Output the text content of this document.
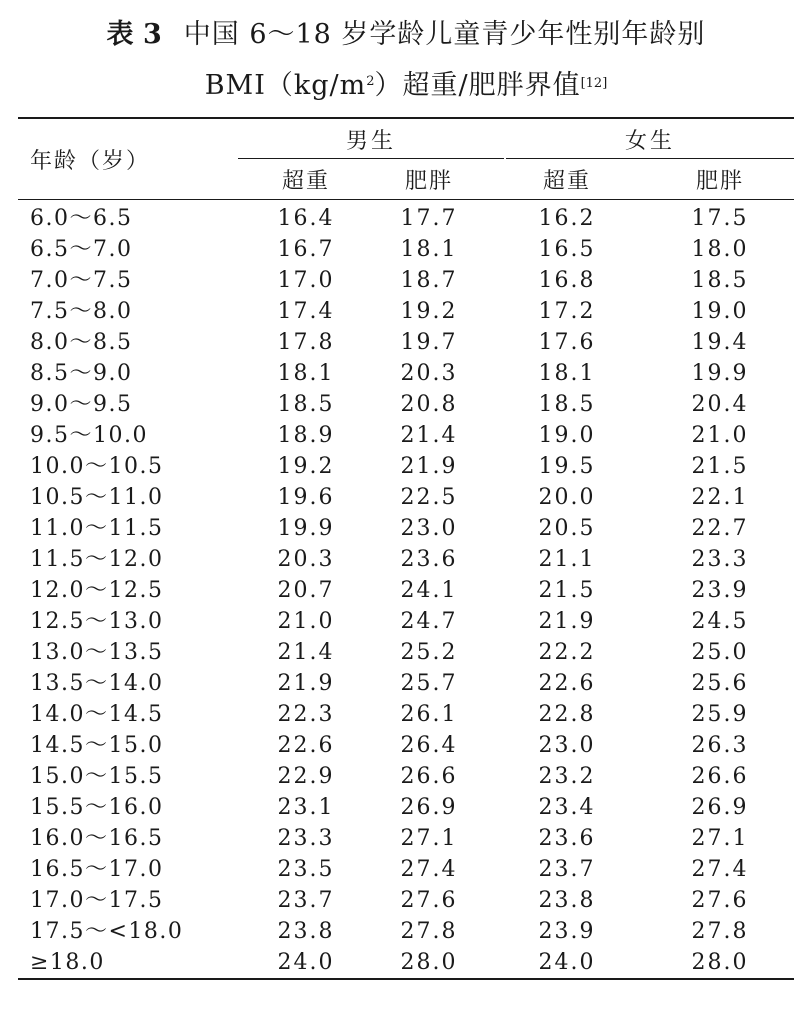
表 3 中国 6～18 岁学龄儿童青少年性别年龄别
$BMI(kg/m^2)$超重/肥胖界值[12]
年龄（岁）	男生		女生	
	超重	肥胖	超重	肥胖
6.0～6.5	16.4	17.7	16.2	17.5
6.5～7.0	16.7	18.1	16.5	18.0
7.0～7.5	17.0	18.7	16.8	18.5
7.5～8.0	17.4	19.2	17.2	19.0
8.0～8.5	17.8	19.7	17.6	19.4
8.5～9.0	18.1	20.3	18.1	19.9
9.0～9.5	18.5	20.8	18.5	20.4
9.5～10.0	18.9	21.4	19.0	21.0
10.0～10.5	19.2	21.9	19.5	21.5
10.5～11.0	19.6	22.5	20.0	22.1
11.0～11.5	19.9	23.0	20.5	22.7
11.5～12.0	20.3	23.6	21.1	23.3
12.0～12.5	20.7	24.1	21.5	23.9
12.5～13.0	21.0	24.7	21.9	24.5
13.0～13.5	21.4	25.2	22.2	25.0
13.5～14.0	21.9	25.7	22.6	25.6
14.0～14.5	22.3	26.1	22.8	25.9
14.5～15.0	22.6	26.4	23.0	26.3
15.0～15.5	22.9	26.6	23.2	26.6
15.5～16.0	23.1	26.9	23.4	26.9
16.0～16.5	23.3	27.1	23.6	27.1
16.5～17.0	23.5	27.4	23.7	27.4
17.0～17.5	23.7	27.6	23.8	27.6
17.5～<18.0	23.8	27.8	23.9	27.8
≥18.0	24.0	28.0	24.0	28.0
